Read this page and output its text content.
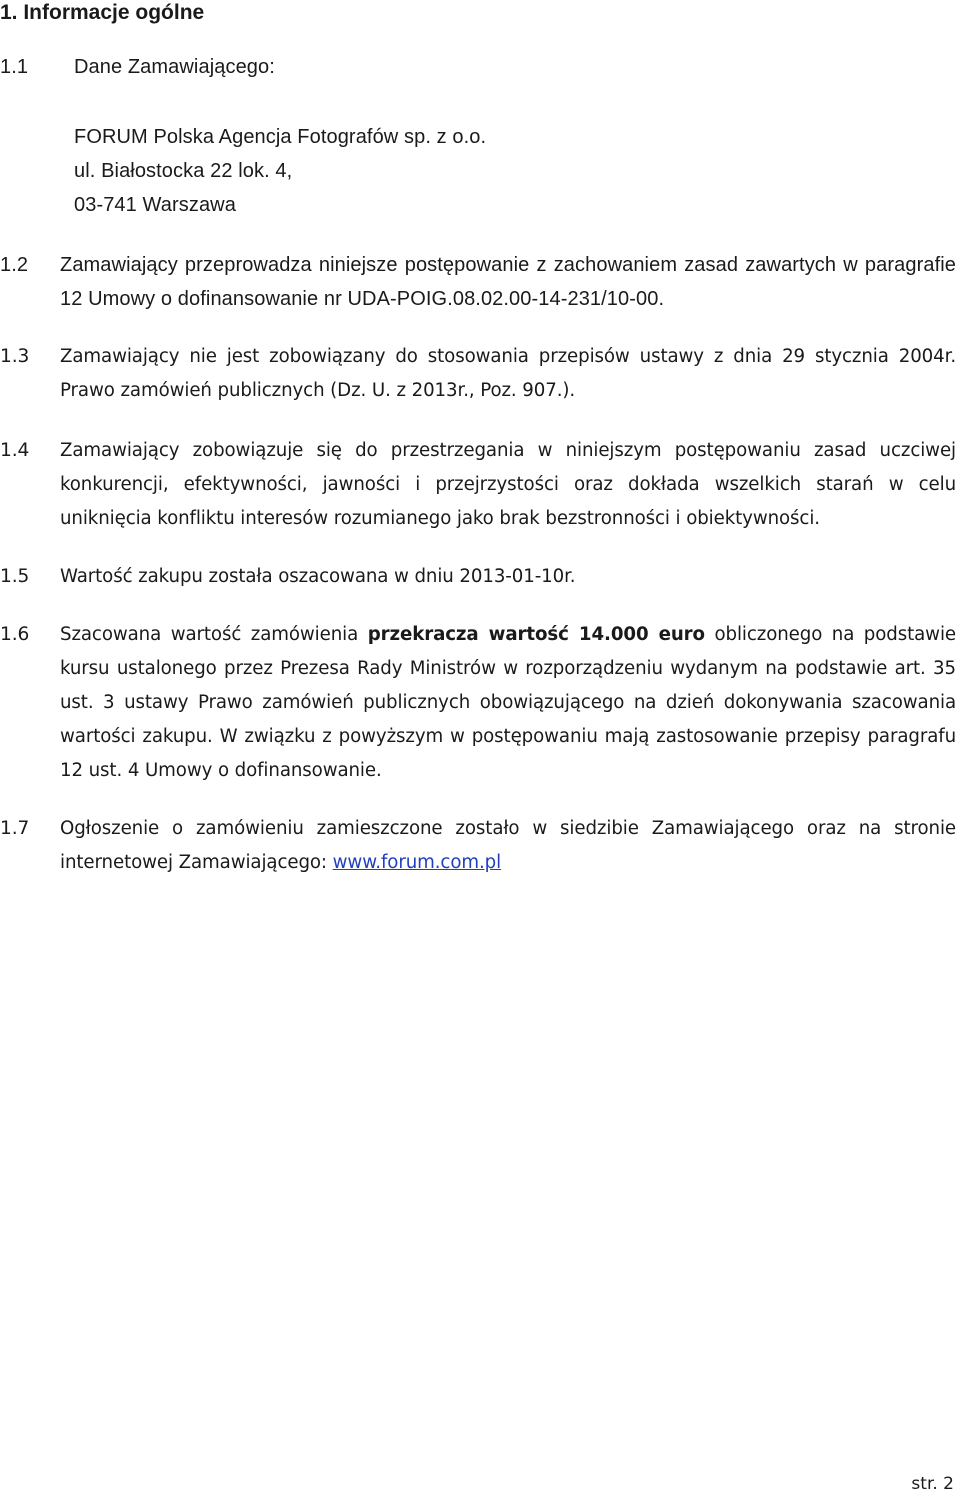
1. Informacje ogólne
1.1 Dane Zamawiającego:

FORUM Polska Agencja Fotografów sp. z o.o.

ul. Białostocka 22 lok. 4,

03-741 Warszawa

1.2 Zamawiający przeprowadza niniejsze postępowanie z zachowaniem zasad zawartych w paragrafie 12 Umowy o dofinansowanie nr UDA-POIG.08.02.00-14-231/10-00.

1.3 Zamawiający nie jest zobowiązany do stosowania przepisów ustawy z dnia 29 stycznia 2004r. Prawo zamówień publicznych (Dz. U. z 2013r., Poz. 907.).

1.4 Zamawiający zobowiązuje się do przestrzegania w niniejszym postępowaniu zasad uczciwej konkurencji, efektywności, jawności i przejrzystości oraz dokłada wszelkich starań w celu uniknięcia konfliktu interesów rozumianego jako brak bezstronności i obiektywności.

1.5 Wartość zakupu została oszacowana w dniu 2013-01-10r.

1.6 Szacowana wartość zamówienia przekracza wartość 14.000 euro obliczonego na podstawie kursu ustalonego przez Prezesa Rady Ministrów w rozporządzeniu wydanym na podstawie art. 35 ust. 3 ustawy Prawo zamówień publicznych obowiązującego na dzień dokonywania szacowania wartości zakupu. W związku z powyższym w postępowaniu mają zastosowanie przepisy paragrafu 12 ust. 4 Umowy o dofinansowanie.

1.7 Ogłoszenie o zamówieniu zamieszczone zostało w siedzibie Zamawiającego oraz na stronie internetowej Zamawiającego: www.forum.com.pl

str. 2
